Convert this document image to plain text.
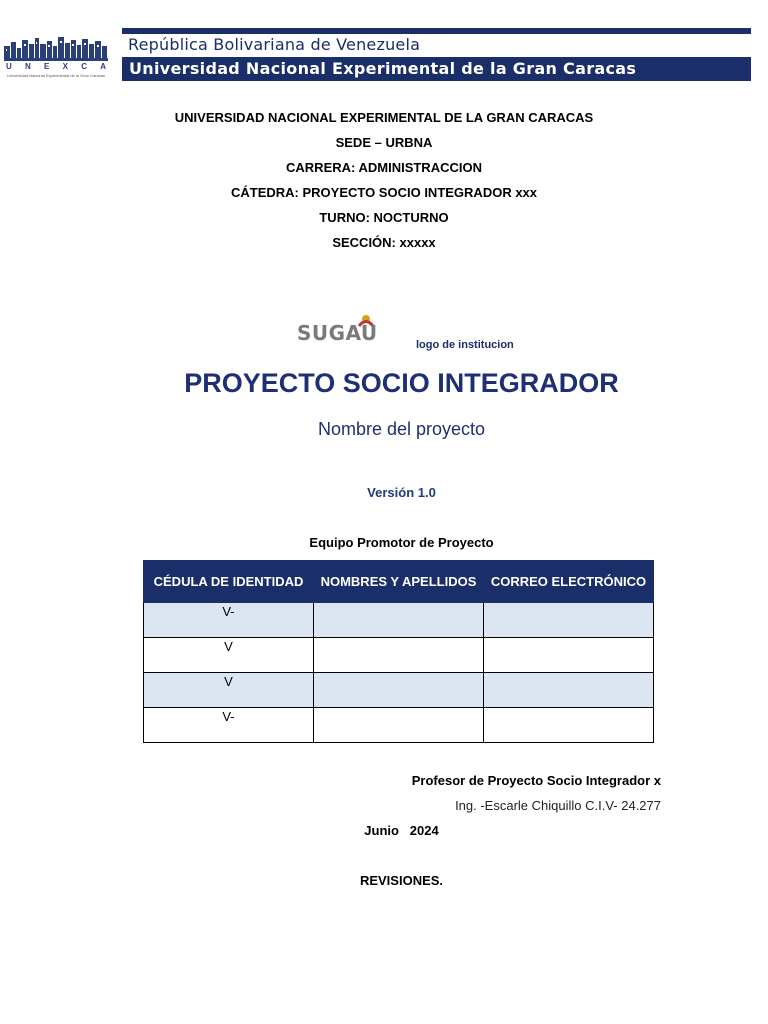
U N E X C A
Universidad Nacional Experimental de la Gran Caracas
República Bolivariana de Venezuela
Universidad Nacional Experimental de la Gran Caracas
UNIVERSIDAD NACIONAL EXPERIMENTAL DE LA GRAN CARACAS
SEDE – URBNA
CARRERA: ADMINISTRACCION
CÁTEDRA: PROYECTO SOCIO INTEGRADOR xxx
TURNO: NOCTURNO
SECCIÓN: xxxxx
SUGAU	logo de institucion
PROYECTO SOCIO INTEGRADOR
Nombre del proyecto
Versión 1.0
Equipo Promotor de Proyecto
CÉDULA DE IDENTIDAD	NOMBRES Y APELLIDOS	CORREO ELECTRÓNICO
V-		
V		
V		
V-		
Profesor de Proyecto Socio Integrador x
Ing. -Escarle Chiquillo C.I.V- 24.277
Junio   2024
REVISIONES.
